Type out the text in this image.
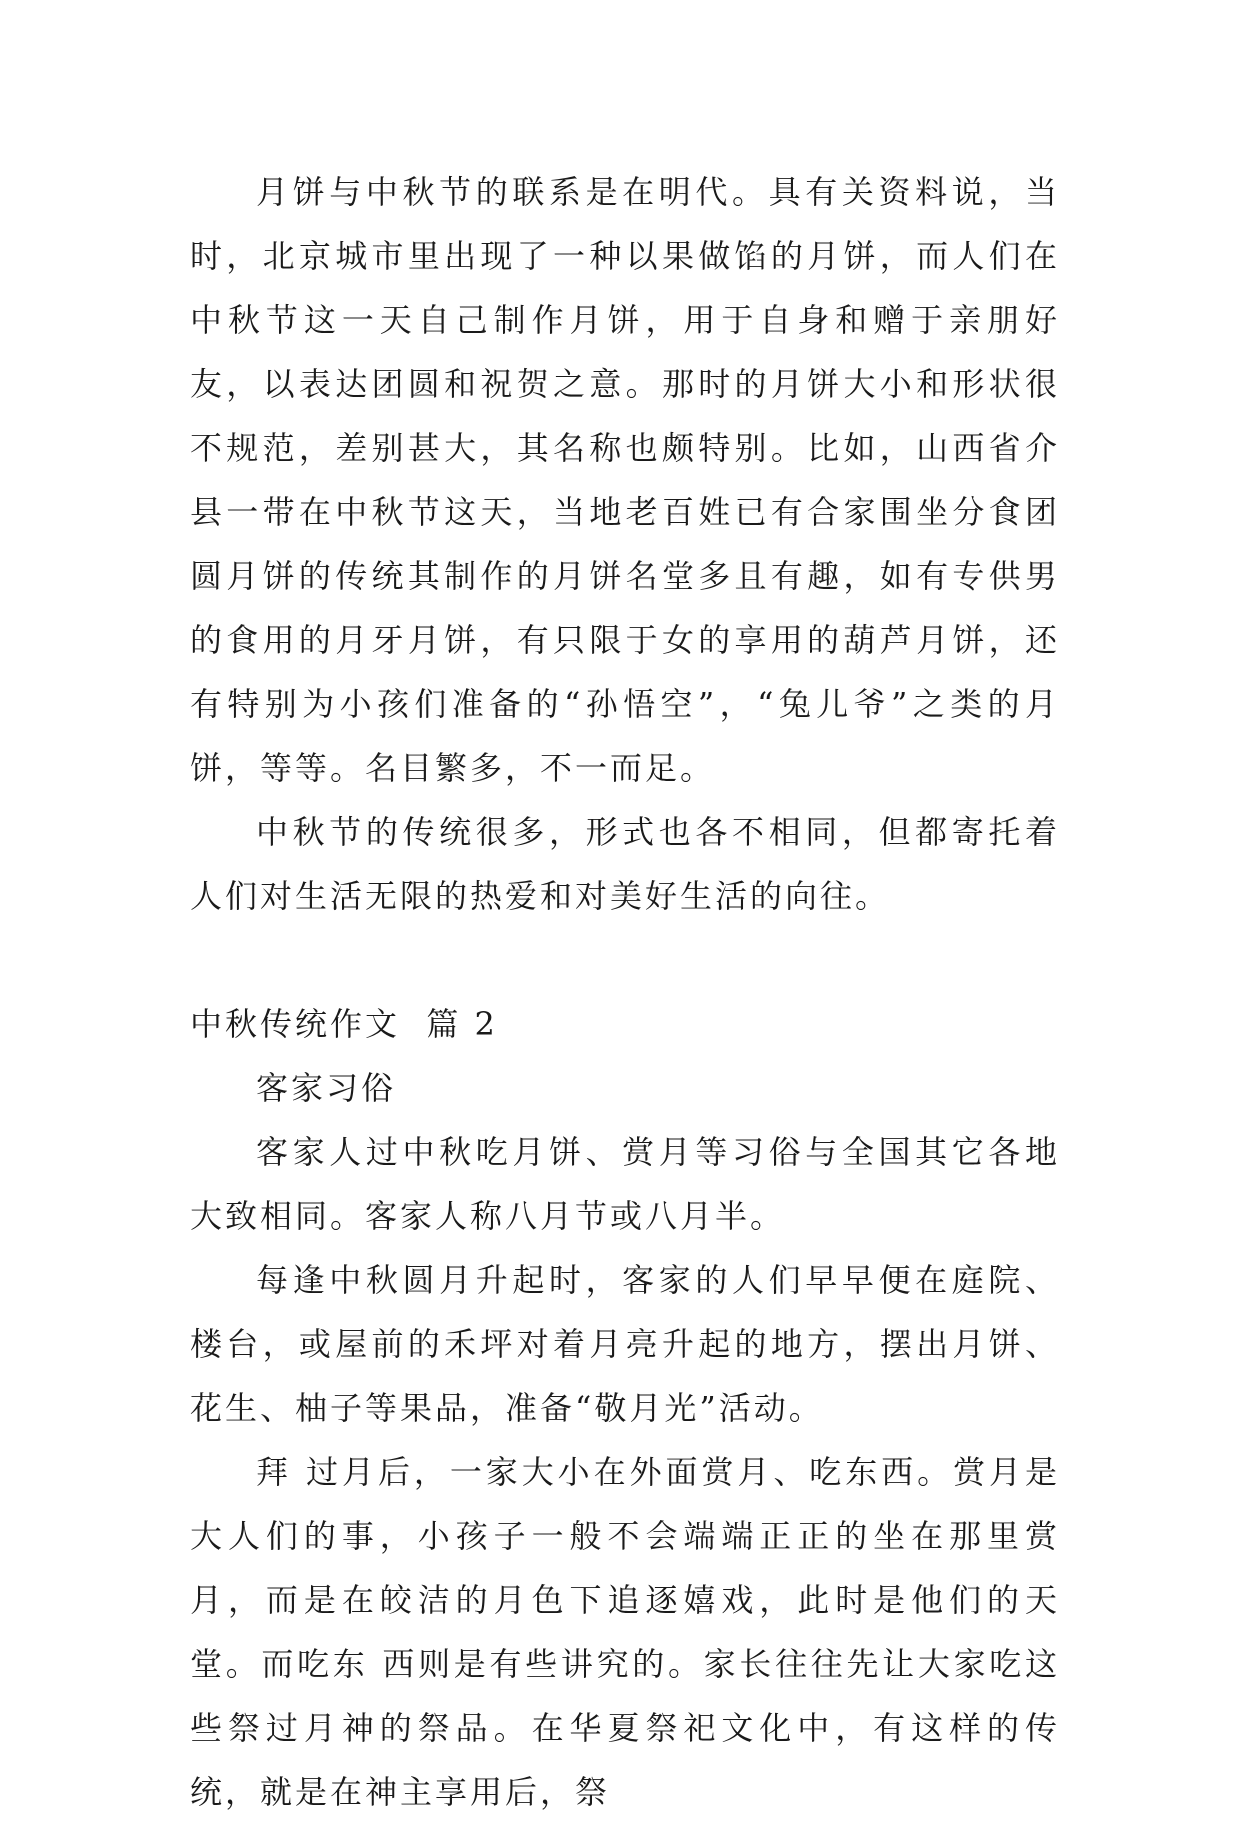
月饼与中秋节的联系是在明代。具有关资料说，当时，北京城市里出现了一种以果做馅的月饼，而人们在中秋节这一天自己制作月饼，用于自身和赠于亲朋好友，以表达团圆和祝贺之意。那时的月饼大小和形状很不规范，差别甚大，其名称也颇特别。比如，山西省介县一带在中秋节这天，当地老百姓已有合家围坐分食团圆月饼的传统其制作的月饼名堂多且有趣，如有专供男的食用的月牙月饼，有只限于女的享用的葫芦月饼，还有特别为小孩们准备的“孙悟空”，“兔儿爷”之类的月饼，等等。名目繁多，不一而足。

中秋节的传统很多，形式也各不相同，但都寄托着人们对生活无限的热爱和对美好生活的向往。

中秋传统作文  篇 2

客家习俗

客家人过中秋吃月饼、赏月等习俗与全国其它各地大致相同。客家人称八月节或八月半。

每逢中秋圆月升起时，客家的人们早早便在庭院、楼台，或屋前的禾坪对着月亮升起的地方，摆出月饼、花生、柚子等果品，准备“敬月光”活动。

拜 过月后，一家大小在外面赏月、吃东西。赏月是大人们的事，小孩子一般不会端端正正的坐在那里赏月，而是在皎洁的月色下追逐嬉戏，此时是他们的天堂。而吃东 西则是有些讲究的。家长往往先让大家吃这些祭过月神的祭品。在华夏祭祀文化中，有这样的传统，就是在神主享用后，祭
